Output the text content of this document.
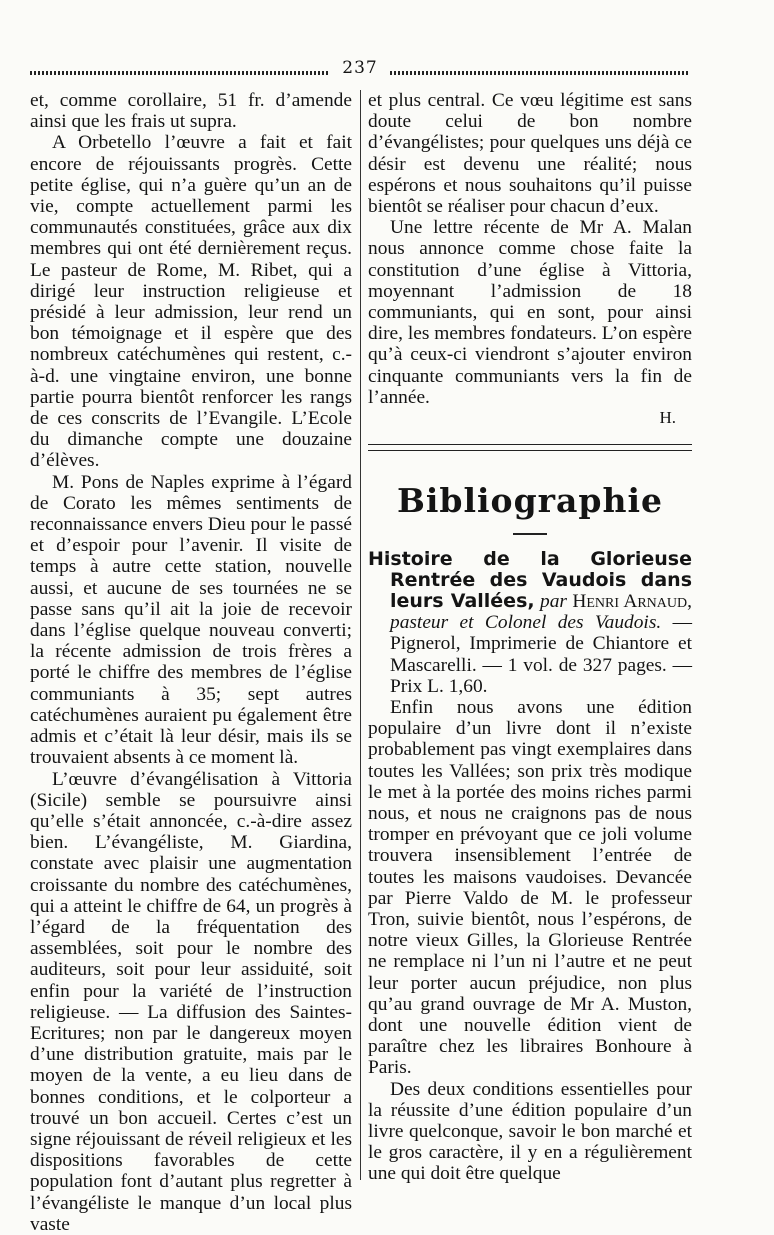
237

et, comme corollaire, 51 fr. d’amende ainsi que les frais ut supra.

A Orbetello l’œuvre a fait et fait encore de réjouissants progrès. Cette petite église, qui n’a guère qu’un an de vie, compte actuellement parmi les communautés constituées, grâce aux dix membres qui ont été dernièrement reçus. Le pasteur de Rome, M. Ribet, qui a dirigé leur instruction religieuse et présidé à leur admission, leur rend un bon témoignage et il espère que des nombreux catéchumènes qui restent, c.-à-d. une vingtaine environ, une bonne partie pourra bientôt renforcer les rangs de ces conscrits de l’Evangile. L’Ecole du dimanche compte une douzaine d’élèves.

M. Pons de Naples exprime à l’égard de Corato les mêmes sentiments de reconnaissance envers Dieu pour le passé et d’espoir pour l’avenir. Il visite de temps à autre cette station, nouvelle aussi, et aucune de ses tournées ne se passe sans qu’il ait la joie de recevoir dans l’église quelque nouveau converti; la récente admission de trois frères a porté le chiffre des membres de l’église communiants à 35; sept autres catéchumènes auraient pu également être admis et c’était là leur désir, mais ils se trouvaient absents à ce moment là.

L’œuvre d’évangélisation à Vittoria (Sicile) semble se poursuivre ainsi qu’elle s’était annoncée, c.-à-dire assez bien. L’évangéliste, M. Giardina, constate avec plaisir une augmentation croissante du nombre des catéchumènes, qui a atteint le chiffre de 64, un progrès à l’égard de la fréquentation des assemblées, soit pour le nombre des auditeurs, soit pour leur assiduité, soit enfin pour la variété de l’instruction religieuse. — La diffusion des Saintes-Ecritures; non par le dangereux moyen d’une distribution gratuite, mais par le moyen de la vente, a eu lieu dans de bonnes conditions, et le colporteur a trouvé un bon accueil. Certes c’est un signe réjouissant de réveil religieux et les dispositions favorables de cette population font d’autant plus regretter à l’évangéliste le manque d’un local plus vaste

et plus central. Ce vœu légitime est sans doute celui de bon nombre d’évangélistes; pour quelques uns déjà ce désir est devenu une réalité; nous espérons et nous souhaitons qu’il puisse bientôt se réaliser pour chacun d’eux.

Une lettre récente de Mr A. Malan nous annonce comme chose faite la constitution d’une église à Vittoria, moyennant l’admission de 18 communiants, qui en sont, pour ainsi dire, les membres fondateurs. L’on espère qu’à ceux-ci viendront s’ajouter environ cinquante communiants vers la fin de l’année.

H.

Bibliographie

Histoire de la Glorieuse Rentrée des Vaudois dans leurs Vallées, par Henri Arnaud, pasteur et Colonel des Vaudois. — Pignerol, Imprimerie de Chiantore et Mascarelli. — 1 vol. de 327 pages. — Prix L. 1,60.

Enfin nous avons une édition populaire d’un livre dont il n’existe probablement pas vingt exemplaires dans toutes les Vallées; son prix très modique le met à la portée des moins riches parmi nous, et nous ne craignons pas de nous tromper en prévoyant que ce joli volume trouvera insensiblement l’entrée de toutes les maisons vaudoises. Devancée par Pierre Valdo de M. le professeur Tron, suivie bientôt, nous l’espérons, de notre vieux Gilles, la Glorieuse Rentrée ne remplace ni l’un ni l’autre et ne peut leur porter aucun préjudice, non plus qu’au grand ouvrage de Mr A. Muston, dont une nouvelle édition vient de paraître chez les libraires Bonhoure à Paris.

Des deux conditions essentielles pour la réussite d’une édition populaire d’un livre quelconque, savoir le bon marché et le gros caractère, il y en a régulièrement une qui doit être quelque
